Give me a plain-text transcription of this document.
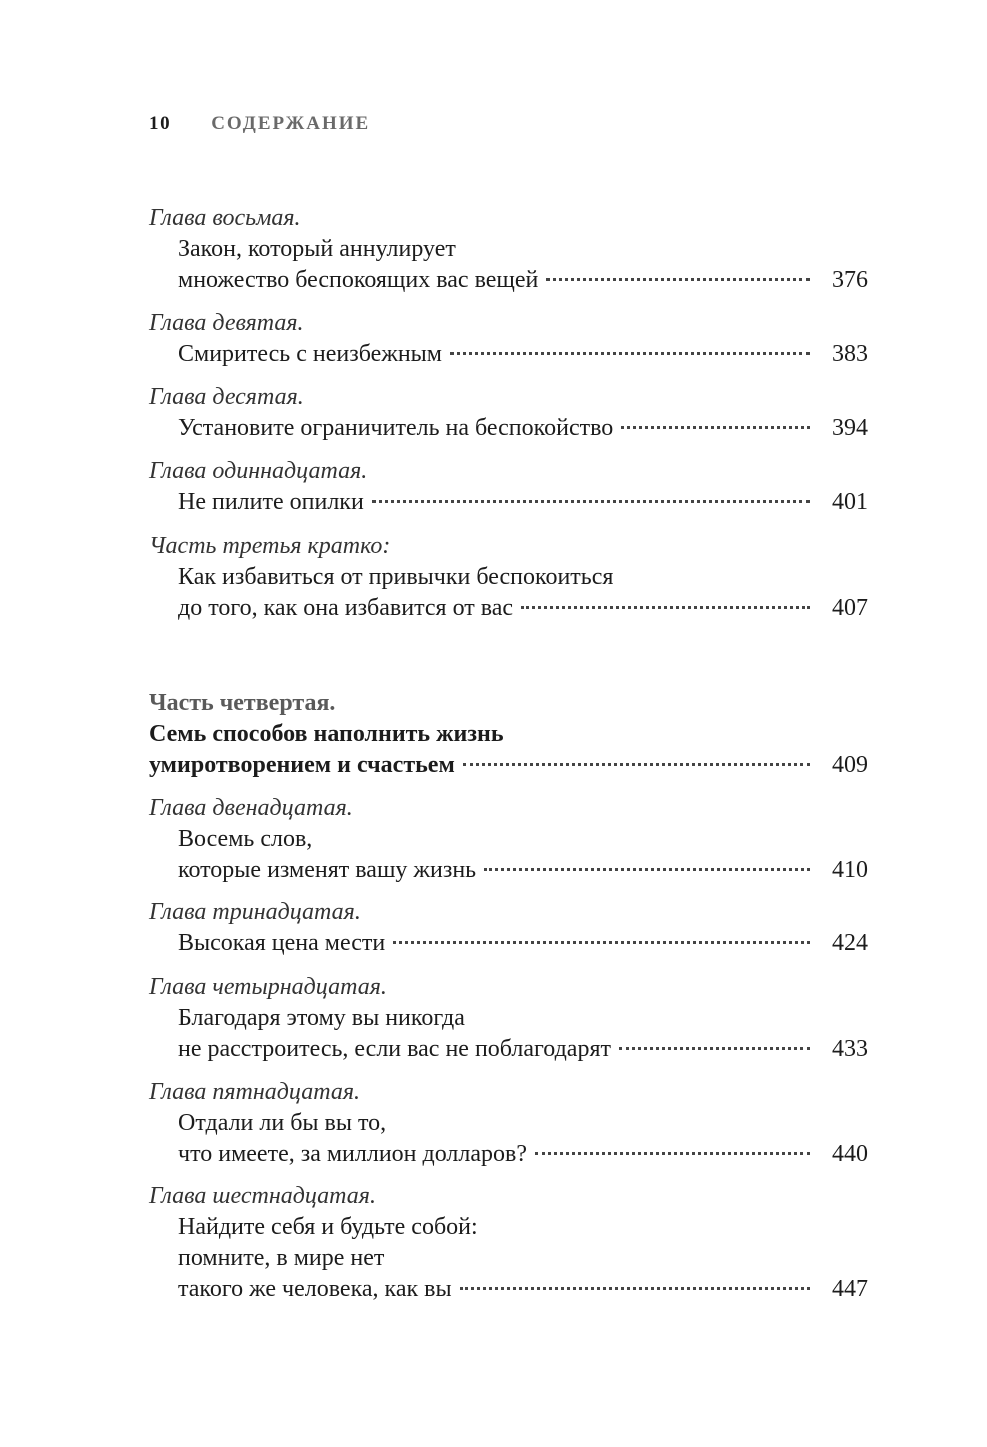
10 СОДЕРЖАНИЕ
Глава восьмая.
Закон, который аннулирует
множество беспокоящих вас вещей	376
Глава девятая.
Смиритесь с неизбежным	383
Глава десятая.
Установите ограничитель на беспокойство	394
Глава одиннадцатая.
Не пилите опилки	401
Часть третья кратко:
Как избавиться от привычки беспокоиться
до того, как она избавится от вас	407
Часть четвертая.
Семь способов наполнить жизнь
умиротворением и счастьем	409
Глава двенадцатая.
Восемь слов,
которые изменят вашу жизнь	410
Глава тринадцатая.
Высокая цена мести	424
Глава четырнадцатая.
Благодаря этому вы никогда
не расстроитесь, если вас не поблагодарят	433
Глава пятнадцатая.
Отдали ли бы вы то,
что имеете, за миллион долларов?	440
Глава шестнадцатая.
Найдите себя и будьте собой:
помните, в мире нет
такого же человека, как вы	447
